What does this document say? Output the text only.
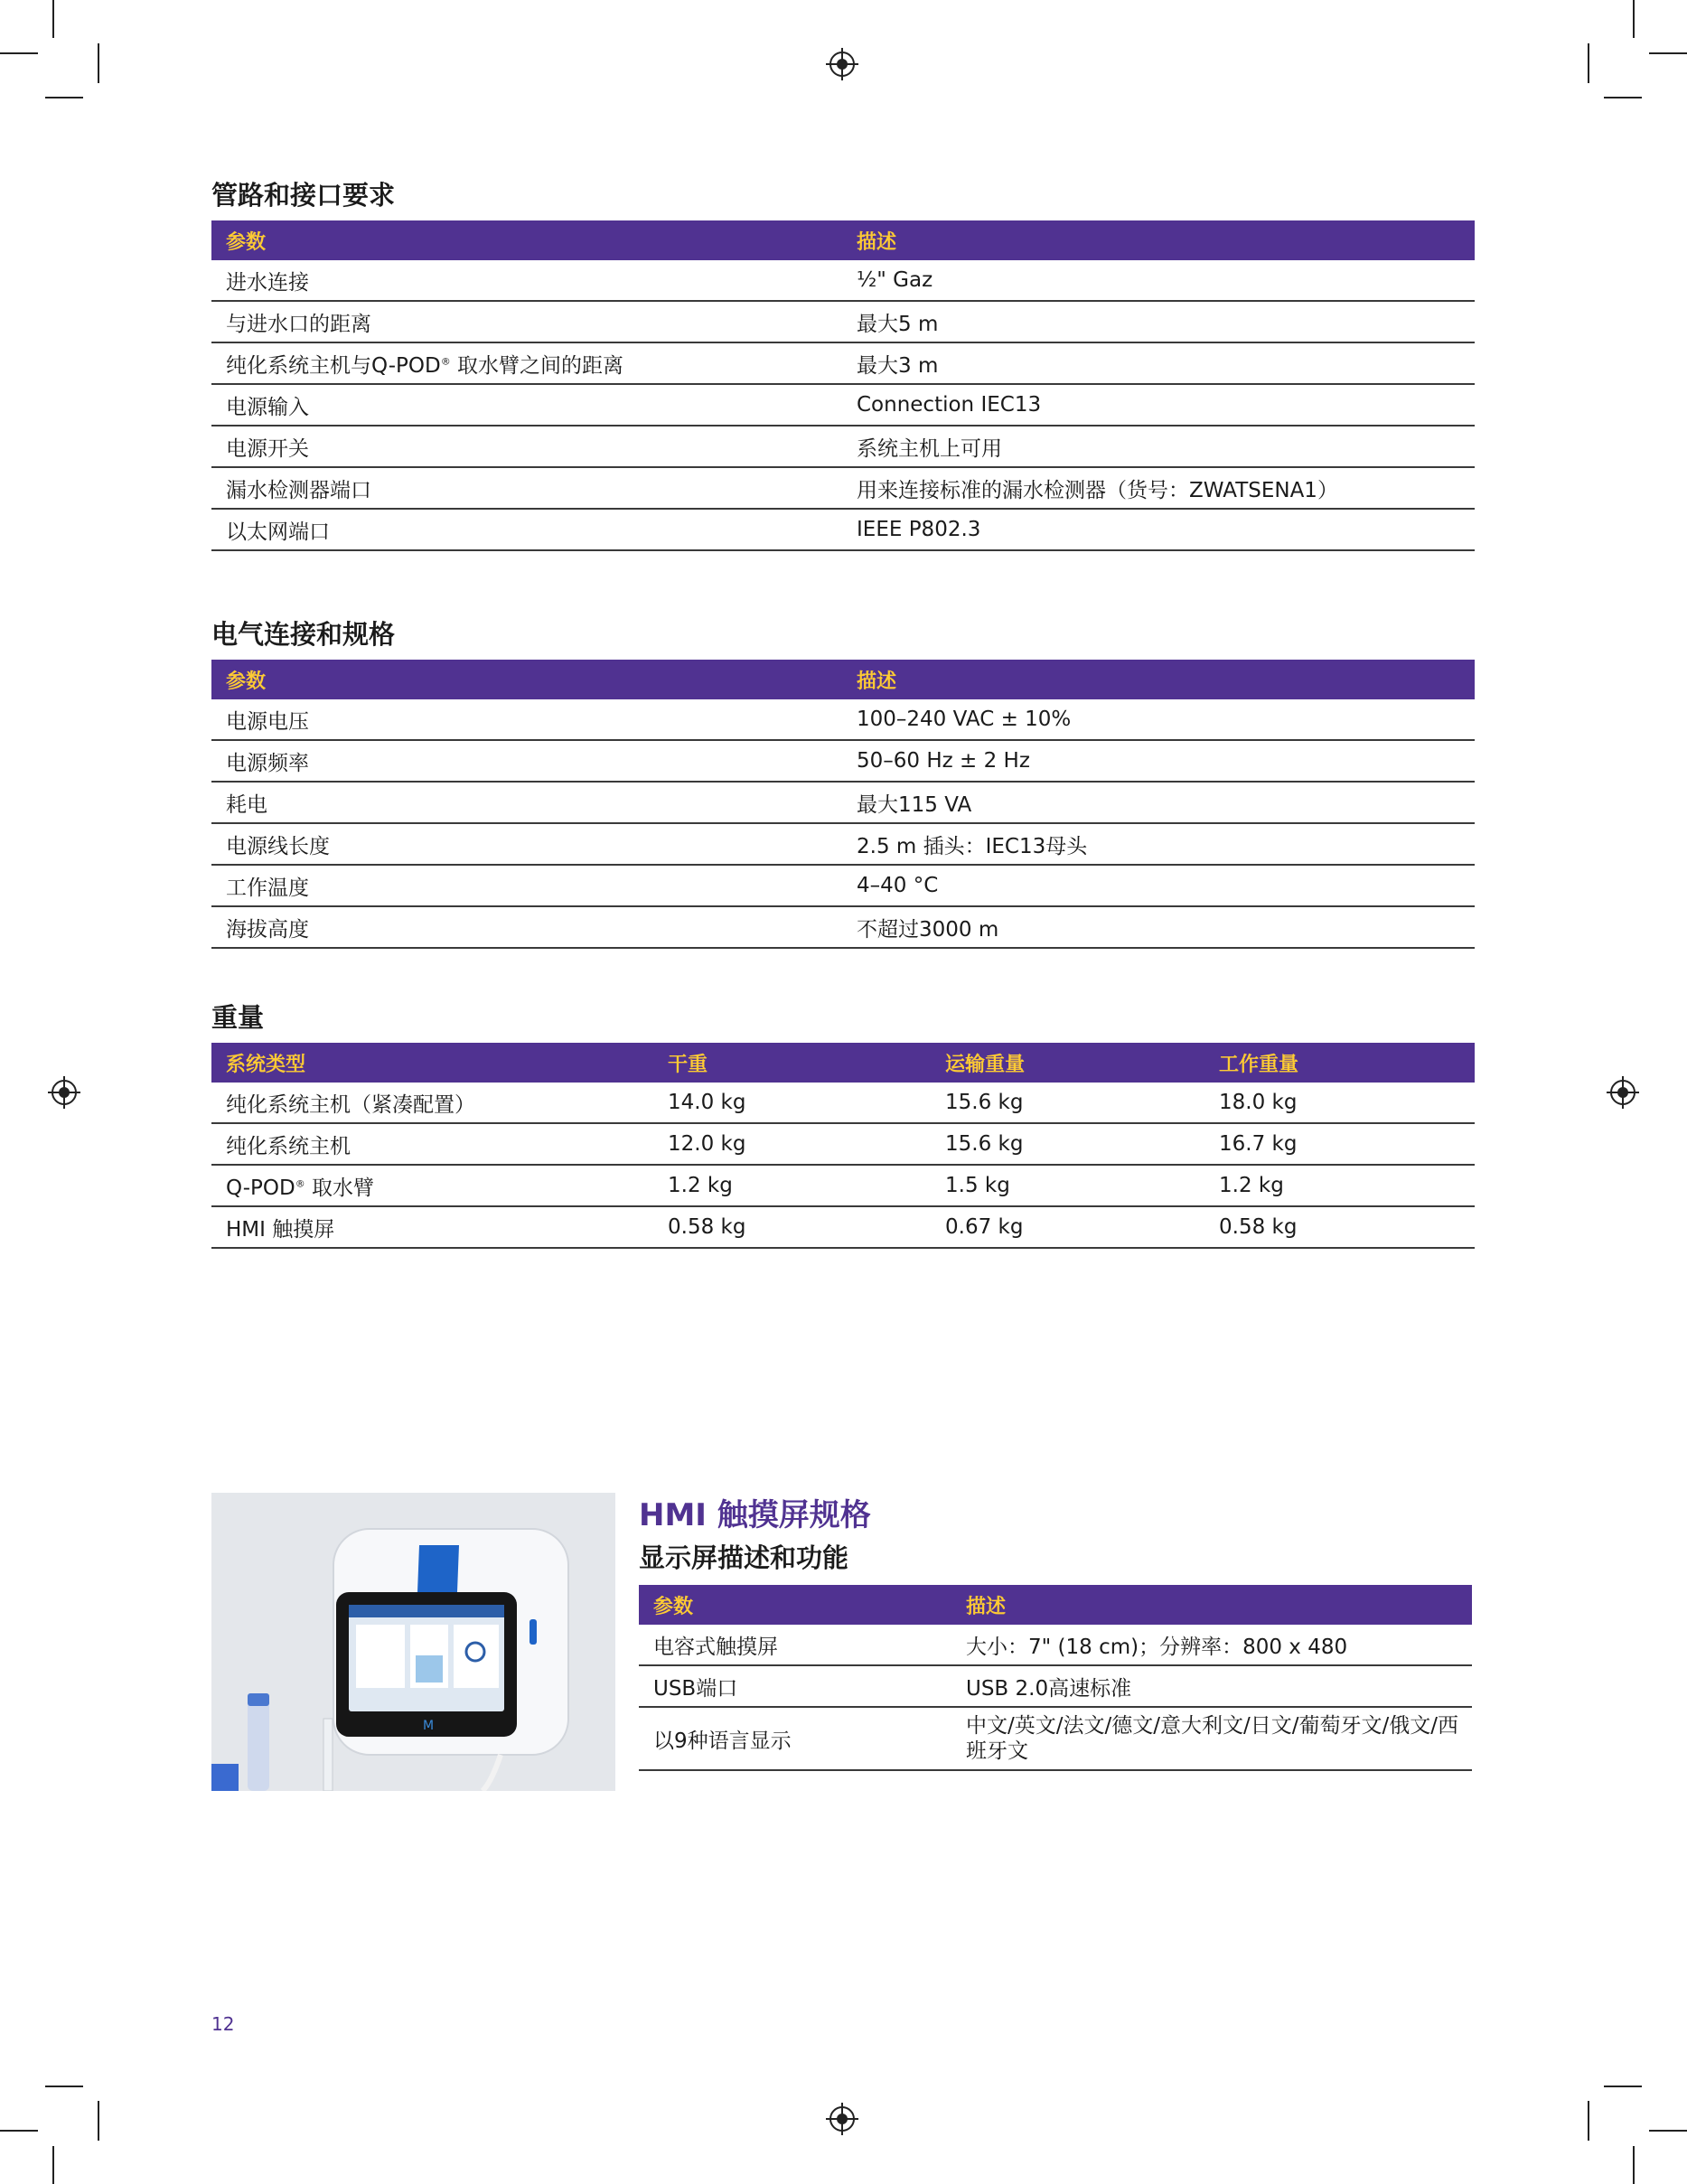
管路和接口要求
参数	描述
进水连接	½" Gaz
与进水口的距离	最大5 m
纯化系统主机与Q-POD® 取水臂之间的距离	最大3 m
电源输入	Connection IEC13
电源开关	系统主机上可用
漏水检测器端口	用来连接标准的漏水检测器（货号：ZWATSENA1）
以太网端口	IEEE P802.3
电气连接和规格
参数	描述
电源电压	100–240 VAC ± 10%
电源频率	50–60 Hz ± 2 Hz
耗电	最大115 VA
电源线长度	2.5 m 插头：IEC13母头
工作温度	4–40 °C
海拔高度	不超过3000 m
重量
系统类型	干重	运输重量	工作重量
纯化系统主机（紧凑配置）	14.0 kg	15.6 kg	18.0 kg
纯化系统主机	12.0 kg	15.6 kg	16.7 kg
Q-POD® 取水臂	1.2 kg	1.5 kg	1.2 kg
HMI 触摸屏	0.58 kg	0.67 kg	0.58 kg
M
HMI 触摸屏规格
显示屏描述和功能
参数	描述
电容式触摸屏	大小：7" (18 cm)；分辨率：800 x 480
USB端口	USB 2.0高速标准
以9种语言显示	中文/英文/法文/德文/意大利文/日文/葡萄牙文/俄文/西班牙文
12
